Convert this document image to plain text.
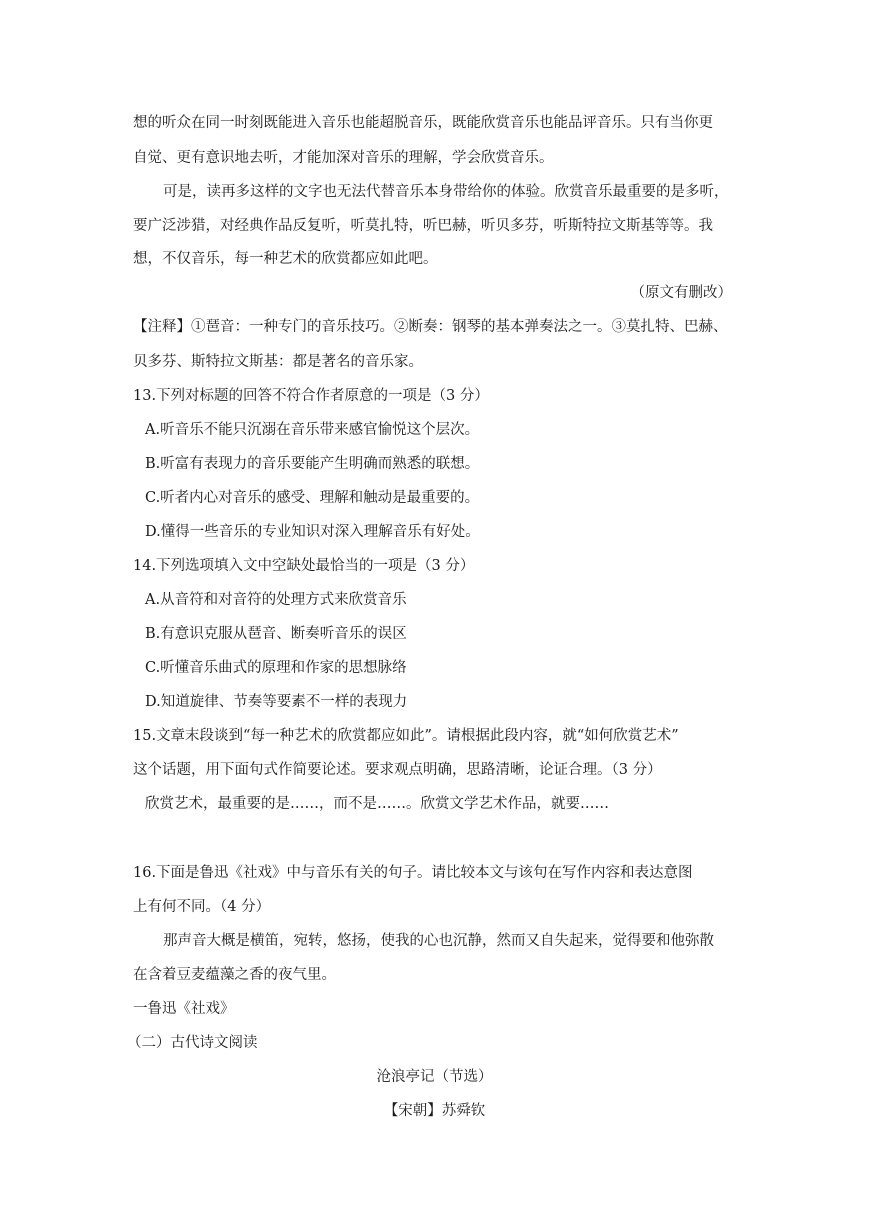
想的听众在同一时刻既能进入音乐也能超脱音乐，既能欣赏音乐也能品评音乐。只有当你更
自觉、更有意识地去听，才能加深对音乐的理解，学会欣赏音乐。
可是，读再多这样的文字也无法代替音乐本身带给你的体验。欣赏音乐最重要的是多听，
要广泛涉猎，对经典作品反复听，听莫扎特，听巴赫，听贝多芬，听斯特拉文斯基等等。我
想，不仅音乐，每一种艺术的欣赏都应如此吧。
（原文有删改）
【注释】①琶音：一种专门的音乐技巧。②断奏：钢琴的基本弹奏法之一。③莫扎特、巴赫、
贝多芬、斯特拉文斯基：都是著名的音乐家。
13.下列对标题的回答不符合作者原意的一项是（3 分）
A.听音乐不能只沉溺在音乐带来感官愉悦这个层次。
B.听富有表现力的音乐要能产生明确而熟悉的联想。
C.听者内心对音乐的感受、理解和触动是最重要的。
D.懂得一些音乐的专业知识对深入理解音乐有好处。
14.下列选项填入文中空缺处最恰当的一项是（3 分）
A.从音符和对音符的处理方式来欣赏音乐
B.有意识克服从琶音、断奏听音乐的误区
C.听懂音乐曲式的原理和作家的思想脉络
D.知道旋律、节奏等要素不一样的表现力
15.文章末段谈到“每一种艺术的欣赏都应如此”。请根据此段内容，就“如何欣赏艺术”
这个话题，用下面句式作简要论述。要求观点明确，思路清晰，论证合理。（3 分）
欣赏艺术，最重要的是……，而不是……。欣赏文学艺术作品，就要……
16.下面是鲁迅《社戏》中与音乐有关的句子。请比较本文与该句在写作内容和表达意图
上有何不同。（4 分）
那声音大概是横笛，宛转，悠扬，使我的心也沉静，然而又自失起来，觉得要和他弥散
在含着豆麦蕴藻之香的夜气里。
一鲁迅《社戏》
（二）古代诗文阅读
沧浪亭记（节选）
【宋朝】苏舜钦
